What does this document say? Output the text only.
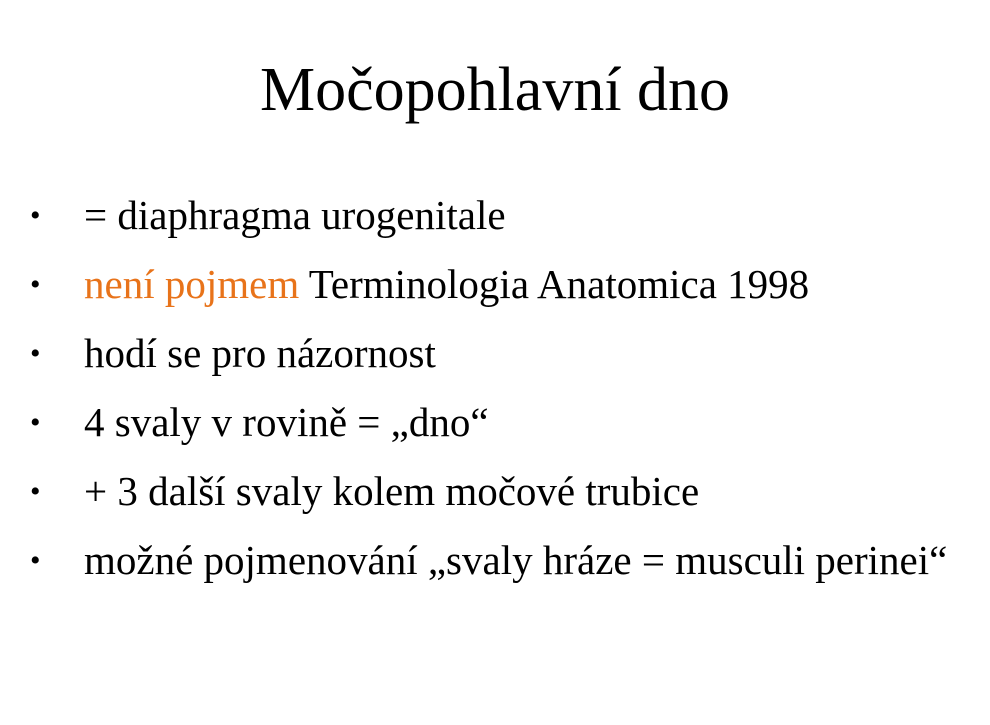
Močopohlavní dno
• = diaphragma urogenitale
• není pojmem Terminologia Anatomica 1998
• hodí se pro názornost
• 4 svaly v rovině = „dno“
• + 3 další svaly kolem močové trubice
• možné pojmenování „svaly hráze = musculi perinei“
